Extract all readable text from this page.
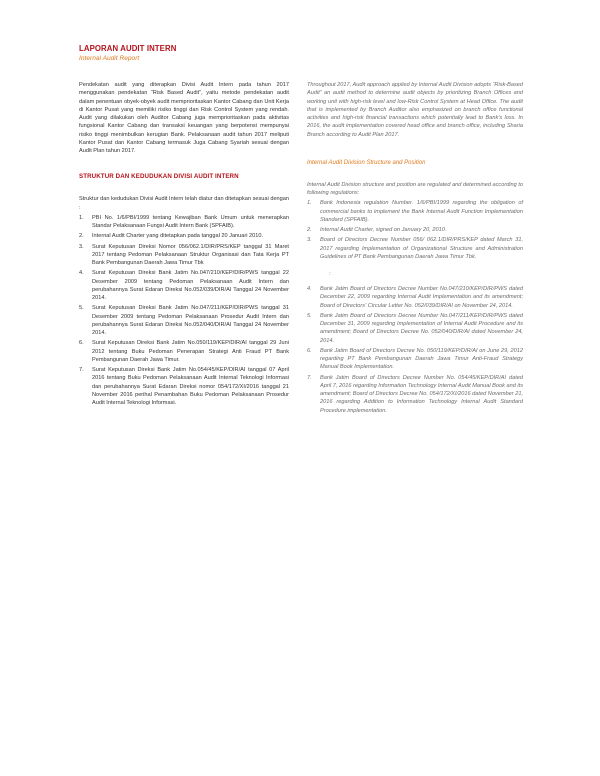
LAPORAN AUDIT INTERN
Internal Audit Report

Pendekatan audit yang diterapkan Divisi Audit Intern pada tahun 2017 menggunakan pendekatan “Risk Based Audit”, yaitu metode pendekatan audit dalam penentuan obyek-obyek audit memprioritaskan Kantor Cabang dan Unit Kerja di Kantor Pusat yang memiliki risiko tinggi dan Risk Control System yang rendah. Audit yang dilakukan oleh Auditor Cabang juga memprioritaskan pada aktivitas fungsional Kantor Cabang dan transaksi keuangan yang berpotensi mempunyai risiko tinggi menimbulkan kerugian Bank. Pelaksanaan audit tahun 2017 meliputi Kantor Pusat dan Kantor Cabang termasuk Juga Cabang Syariah sesuai dengan Audit Plan tahun 2017.

STRUKTUR DAN KEDUDUKAN DIVISI AUDIT INTERN

Struktur dan kedudukan Divisi Audit Intern telah diatur dan ditetapkan sesuai dengan :

1.	PBI No. 1/6/PBI/1999 tentang Kewajiban Bank Umum untuk menerapkan Standar Pelaksanaan Fungsi Audit Intern Bank (SPFAIB).
2.	Internal Audit Charter yang ditetapkan pada tanggal 20 Januari 2010.
3.	Surat Keputusan Direksi Nomor 056/062.1/DIR/PRS/KEP tanggal 31 Maret 2017 tentang Pedoman Pelaksanaan Struktur Organisasi dan Tata Kerja PT Bank Pembangunan Daerah Jawa Timur Tbk
4.	Surat Keputusan Direksi Bank Jatim No.047/210/KEP/DIR/PWS tanggal 22 Desember 2009 tentang Pedoman Pelaksanaan Audit Intern dan perubahannya Surat Edaran Direksi No.052/039/DIR/AI Tanggal 24 November 2014.
5.	Surat Keputusan Direksi Bank Jatim No.047/211/KEP/DIR/PWS tanggal 31 Desember 2009 tentang Pedoman Pelaksanaan Prosedur Audit Intern dan perubahannya Surat Edaran Direksi No.052/040/DIR/AI Tanggal 24 November 2014.
6.	Surat Keputusan Direksi Bank Jatim No.050/119/KEP/DIR/AI tanggal 29 Juni 2012 tentang Buku Pedoman Penerapan Strategi Anti Fraud PT Bank Pembangunan Daerah Jawa Timur.
7.	Surat Keputusan Direksi Bank Jatim No.054/45/KEP/DIR/AI tanggal 07 April 2016 tentang Buku Pedoman Pelaksanaan Audit Internal Teknologi Informasi dan perubahannya Surat Edaran Direksi nomor 054/172/XI/2016 tanggal 21 November 2016 perihal Penambahan Buku Pedoman Pelaksanaan Prosedur Audit Internal Teknologi Informasi.

Throughout 2017, Audit approach applied by Internal Audit Division adopts “Risk-Based Audit” an audit method to determine audit objects by prioritizing Branch Offices and working unit with high-risk level and low-Risk Control System at Head Office. The audit that is implemented by Branch Auditor also emphasized on branch office functional activities and high-risk financial transactions which potentially lead to Bank's loss. In 2016, the audit implementation covered head office and branch office, including Sharia Branch according to Audit Plan 2017.

Internal Audit Division Structure and Position

Internal Audit Division structure and position are regulated and determined according to following regulations:

1.	Bank Indonesia regulation Number. 1/6/PBI/1999 regarding the obligation of commercial banks to implement the Bank Internal Audit Function Implementation Standard (SPFAIB).
2.	Internal Audit Charter, signed on January 20, 2010.
3.	Board of Directors Decree Number 056/ 062.1/DIR/PRS/KEP dated March 31, 2017 regarding Implementation of Organizational Structure and Administration Guidelines of PT Bank Pembangunan Daerah Jawa Timur Tbk.
:
4.	Bank Jatim Board of Directors Decree Number No.047/210/KEP/DIR/PWS dated December 22, 2009 regarding Internal Audit Implementation and its amendment; Board of Directors' Circular Letter No. 052/039/DIR/AI on November 24, 2014.
5.	Bank Jatim Board of Directors Decree Number No.047/211/KEP/DIR/PWS dated December 31, 2009 regarding Implementation of Internal Audit Procedure and its amendment; Board of Directors Decree No. 052/040/DIR/AI dated November 24, 2014.
6.	Bank Jatim Board of Directors Decree No. 050/119/KEP/DIR/AI on June 29, 2012 regarding PT Bank Pembangunan Daerah Jawa Timur Anti-Fraud Strategy Manual Book Implementation.
7.	Bank Jatim Board of Directors Decree Number No. 054/45/KEP/DIR/AI dated April 7, 2016 regarding Information Technology Internal Audit Manual Book and its amendment; Board of Directors Decree No. 054/172/XI/2016 dated November 21, 2016 regarding Addition to Information Technology Internal Audit Standard Procedure implementation.
